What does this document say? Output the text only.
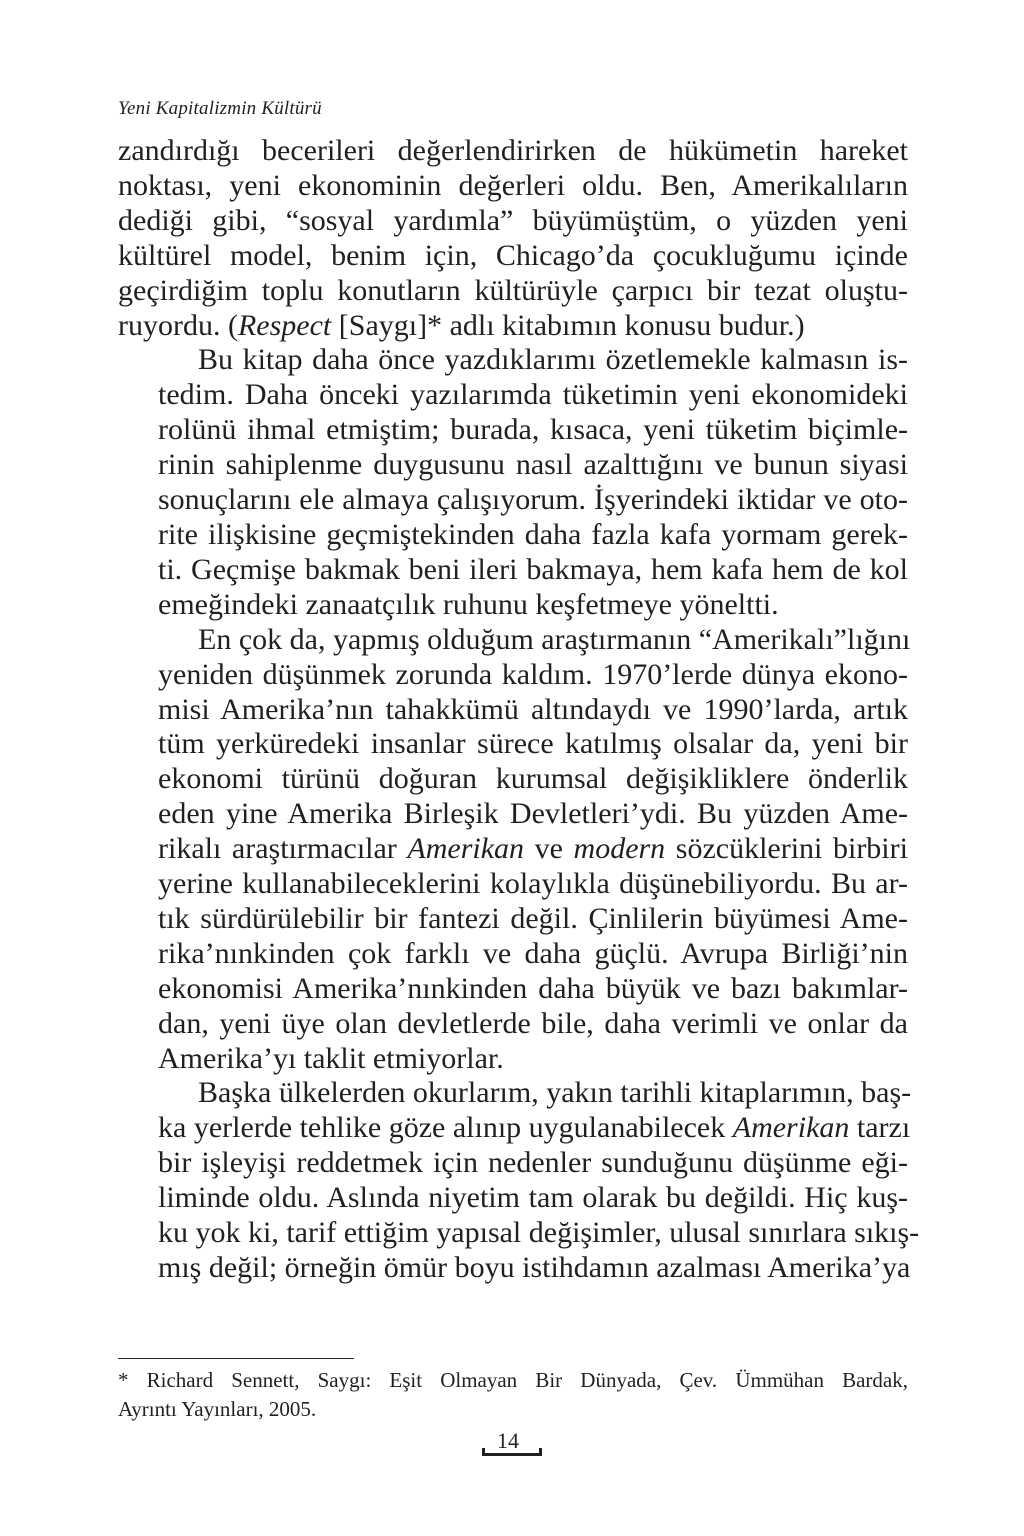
Yeni Kapitalizmin Kültürü

zandırdığı becerileri değerlendirirken de hükümetin hareket
noktası, yeni ekonominin değerleri oldu. Ben, Amerikalıların
dediği gibi, “sosyal yardımla” büyümüştüm, o yüzden yeni
kültürel model, benim için, Chicago’da çocukluğumu içinde
geçirdiğim toplu konutların kültürüyle çarpıcı bir tezat oluştu-
ruyordu. (Respect [Saygı]* adlı kitabımın konusu budur.)

Bu kitap daha önce yazdıklarımı özetlemekle kalmasın is-
tedim. Daha önceki yazılarımda tüketimin yeni ekonomideki
rolünü ihmal etmiştim; burada, kısaca, yeni tüketim biçimle-
rinin sahiplenme duygusunu nasıl azalttığını ve bunun siyasi
sonuçlarını ele almaya çalışıyorum. İşyerindeki iktidar ve oto-
rite ilişkisine geçmiştekinden daha fazla kafa yormam gerek-
ti. Geçmişe bakmak beni ileri bakmaya, hem kafa hem de kol
emeğindeki zanaatçılık ruhunu keşfetmeye yöneltti.

En çok da, yapmış olduğum araştırmanın “Amerikalı”lığını
yeniden düşünmek zorunda kaldım. 1970’lerde dünya ekono-
misi Amerika’nın tahakkümü altındaydı ve 1990’larda, artık
tüm yerküredeki insanlar sürece katılmış olsalar da, yeni bir
ekonomi türünü doğuran kurumsal değişikliklere önderlik
eden yine Amerika Birleşik Devletleri’ydi. Bu yüzden Ame-
rikalı araştırmacılar Amerikan ve modern sözcüklerini birbiri
yerine kullanabileceklerini kolaylıkla düşünebiliyordu. Bu ar-
tık sürdürülebilir bir fantezi değil. Çinlilerin büyümesi Ame-
rika’nınkinden çok farklı ve daha güçlü. Avrupa Birliği’nin
ekonomisi Amerika’nınkinden daha büyük ve bazı bakımlar-
dan, yeni üye olan devletlerde bile, daha verimli ve onlar da
Amerika’yı taklit etmiyorlar.

Başka ülkelerden okurlarım, yakın tarihli kitaplarımın, baş-
ka yerlerde tehlike göze alınıp uygulanabilecek Amerikan tarzı
bir işleyişi reddetmek için nedenler sunduğunu düşünme eği-
liminde oldu. Aslında niyetim tam olarak bu değildi. Hiç kuş-
ku yok ki, tarif ettiğim yapısal değişimler, ulusal sınırlara sıkış-
mış değil; örneğin ömür boyu istihdamın azalması Amerika’ya

* Richard Sennett, Saygı: Eşit Olmayan Bir Dünyada, Çev. Ümmühan Bardak,
Ayrıntı Yayınları, 2005.
14
